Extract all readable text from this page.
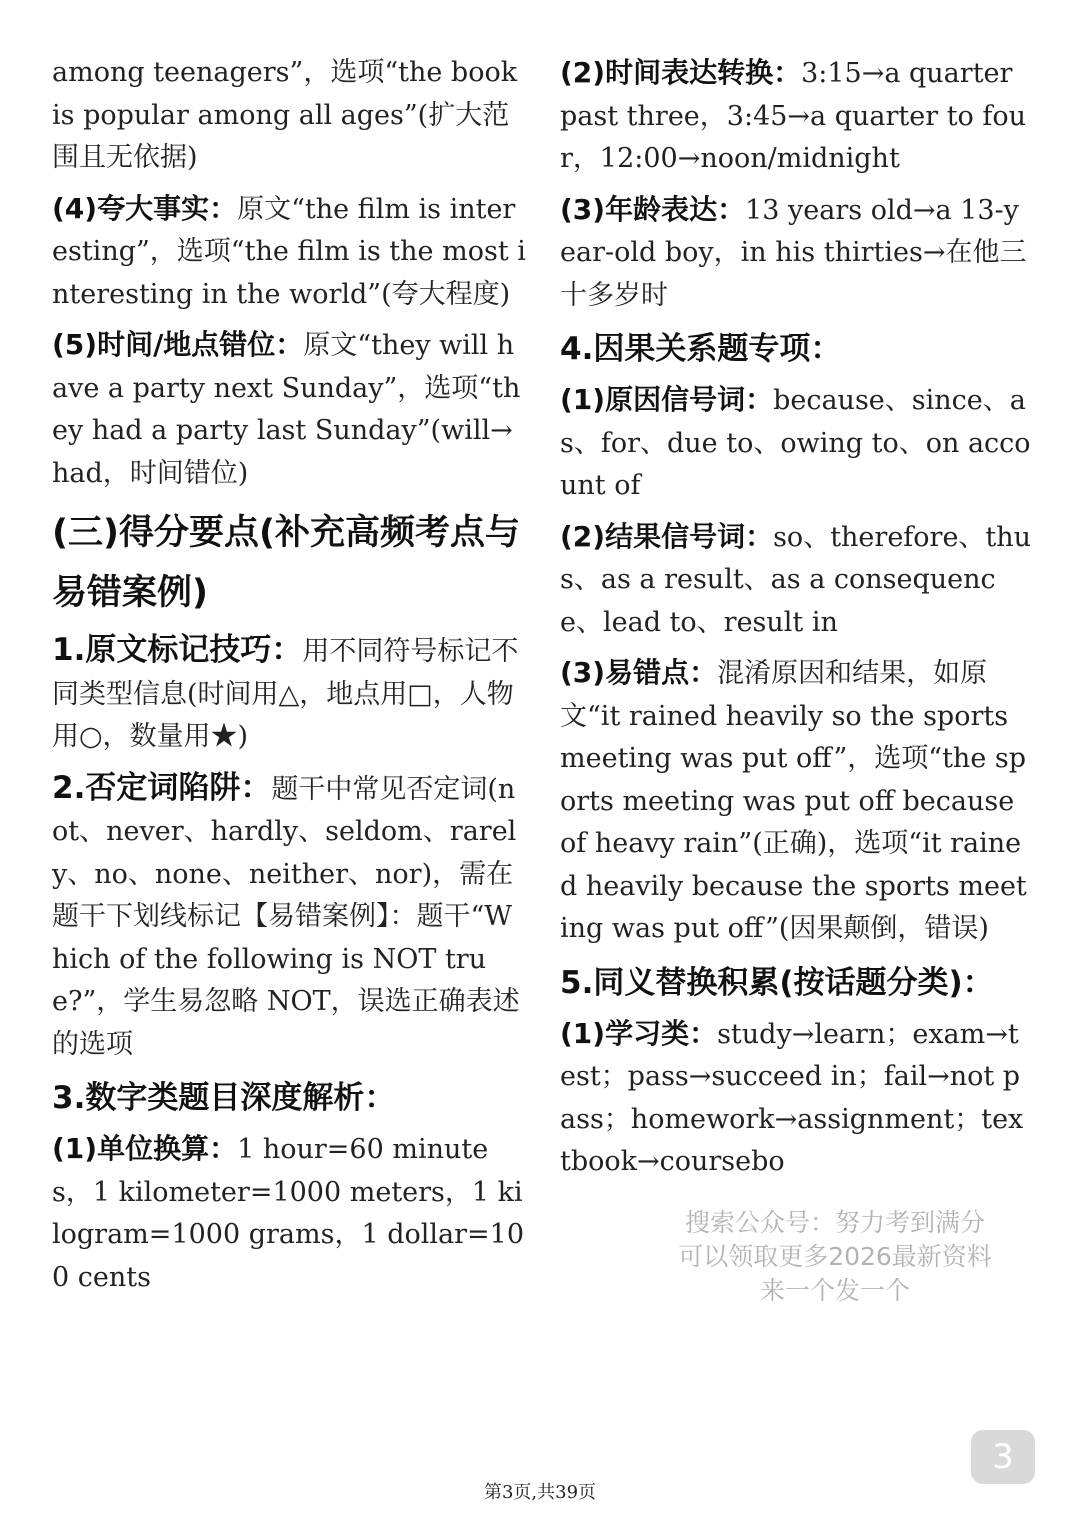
among teenagers”，选项“the book is popular among all ages”(扩大范围且无依据)

(4)夸大事实：原文“the film is interesting”，选项“the film is the most interesting in the world”(夸大程度)

(5)时间/地点错位：原文“they will have a party next Sunday”，选项“they had a party last Sunday”(will→had，时间错位)

(三)得分要点(补充高频考点与易错案例)

1.原文标记技巧：用不同符号标记不同类型信息(时间用△，地点用□，人物用○，数量用★)

2.否定词陷阱：题干中常见否定词(not、never、hardly、seldom、rarely、no、none、neither、nor)，需在题干下划线标记【易错案例】：题干“Which of the following is NOT true?”，学生易忽略 NOT，误选正确表述的选项

3.数字类题目深度解析：

(1)单位换算：1 hour=60 minutes，1 kilometer=1000 meters，1 kilogram=1000 grams，1 dollar=100 cents

(2)时间表达转换：3:15→a quarter past three，3:45→a quarter to four，12:00→noon/midnight

(3)年龄表达：13 years old→a 13-year-old boy，in his thirties→在他三十多岁时

4.因果关系题专项：

(1)原因信号词：because、since、as、for、due to、owing to、on account of

(2)结果信号词：so、therefore、thus、as a result、as a consequence、lead to、result in

(3)易错点：混淆原因和结果，如原文“it rained heavily so the sports meeting was put off”，选项“the sports meeting was put off because of heavy rain”(正确)，选项“it rained heavily because the sports meeting was put off”(因果颠倒，错误)

5.同义替换积累(按话题分类)：

(1)学习类：study→learn；exam→test；pass→succeed in；fail→not pass；homework→assignment；textbook→coursebo

搜索公众号：努力考到满分
可以领取更多2026最新资料
来一个发一个
3
第3页,共39页
